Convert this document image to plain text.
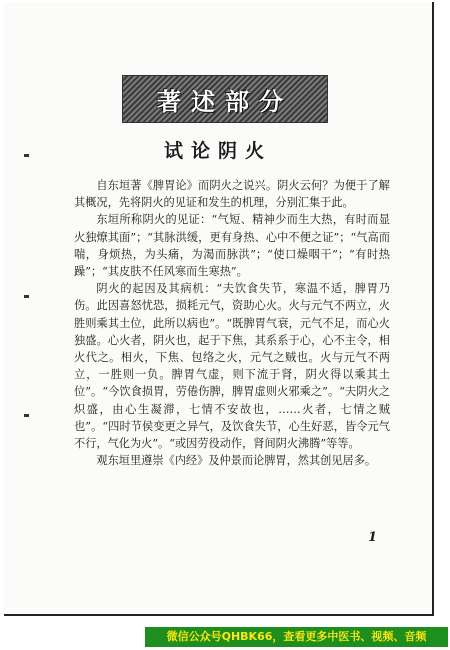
著述部分
试论阴火

自东垣著《脾胃论》而阴火之说兴。阴火云何？为便于了解其概况，先将阴火的见证和发生的机理，分别汇集于此。

东垣所称阴火的见证：“气短、精神少而生大热，有时而显火独燎其面”；“其脉洪缓，更有身热、心中不便之证”；“气高而喘，身烦热，为头痛，为渴而脉洪”；“使口燥咽干”；“有时热躁”；“其皮肤不任风寒而生寒热”。

阴火的起因及其病机：“夫饮食失节，寒温不适，脾胃乃伤。此因喜怒忧恐，损耗元气，资助心火。火与元气不两立，火胜则乘其土位，此所以病也”。“既脾胃气衰，元气不足，而心火独盛。心火者，阴火也，起于下焦，其系系于心，心不主令，相火代之。相火，下焦、包络之火，元气之贼也。火与元气不两立，一胜则一负。脾胃气虚，则下流于肾，阴火得以乘其土位”。“今饮食损胃，劳倦伤脾，脾胃虚则火邪乘之”。“夫阴火之炽盛，由心生凝滞，七情不安故也，……火者，七情之贼也”。“四时节侯变更之异气，及饮食失节，心生好恶，皆令元气不行，气化为火”。“或因劳役动作，肾间阴火沸腾”等等。

观东垣里遵崇《内经》及仲景而论脾胃，然其创见居多。

1
微信公众号QHBK66，查看更多中医书、视频、音频
